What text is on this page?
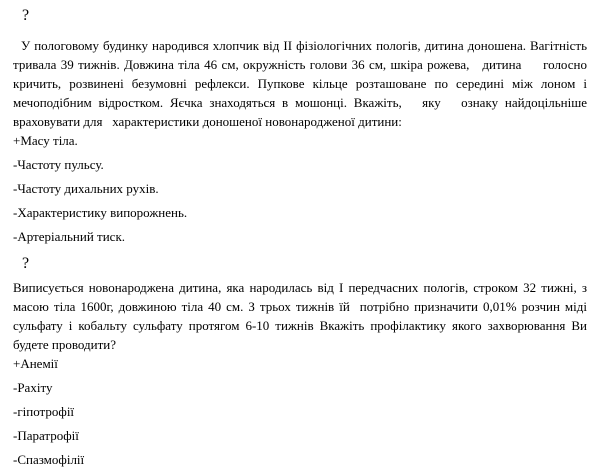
?
У пологовому будинку народився хлопчик від ІІ фізіологічних пологів, дитина доношена. Вагітність
тривала 39 тижнів. Довжина тіла 46 см, окружність голови 36 см, шкіра рожева,   дитина     голосно
кричить, розвинені безумовні рефлекси. Пупкове кільце розташоване по середині між лоном і
мечоподібним відростком. Яєчка знаходяться в мошонці. Вкажіть,   яку   ознаку найдоцільніше
враховувати для   характеристики доношеної новонародженої дитини:
+Масу тіла.
-Частоту пульсу.
-Частоту дихальних рухів.
-Характеристику випорожнень.
-Артеріальний тиск.
?
Виписується новонароджена дитина, яка народилась від І передчасних пологів, строком 32 тижні, з
масою тіла 1600г, довжиною тіла 40 см. З трьох тижнів їй  потрібно призначити 0,01% розчин міді
сульфату і кобальту сульфату протягом 6-10 тижнів Вкажіть профілактику якого захворювання Ви
будете проводити?
+Анемії
-Рахіту
-гіпотрофії
-Паратрофії
-Спазмофілії
